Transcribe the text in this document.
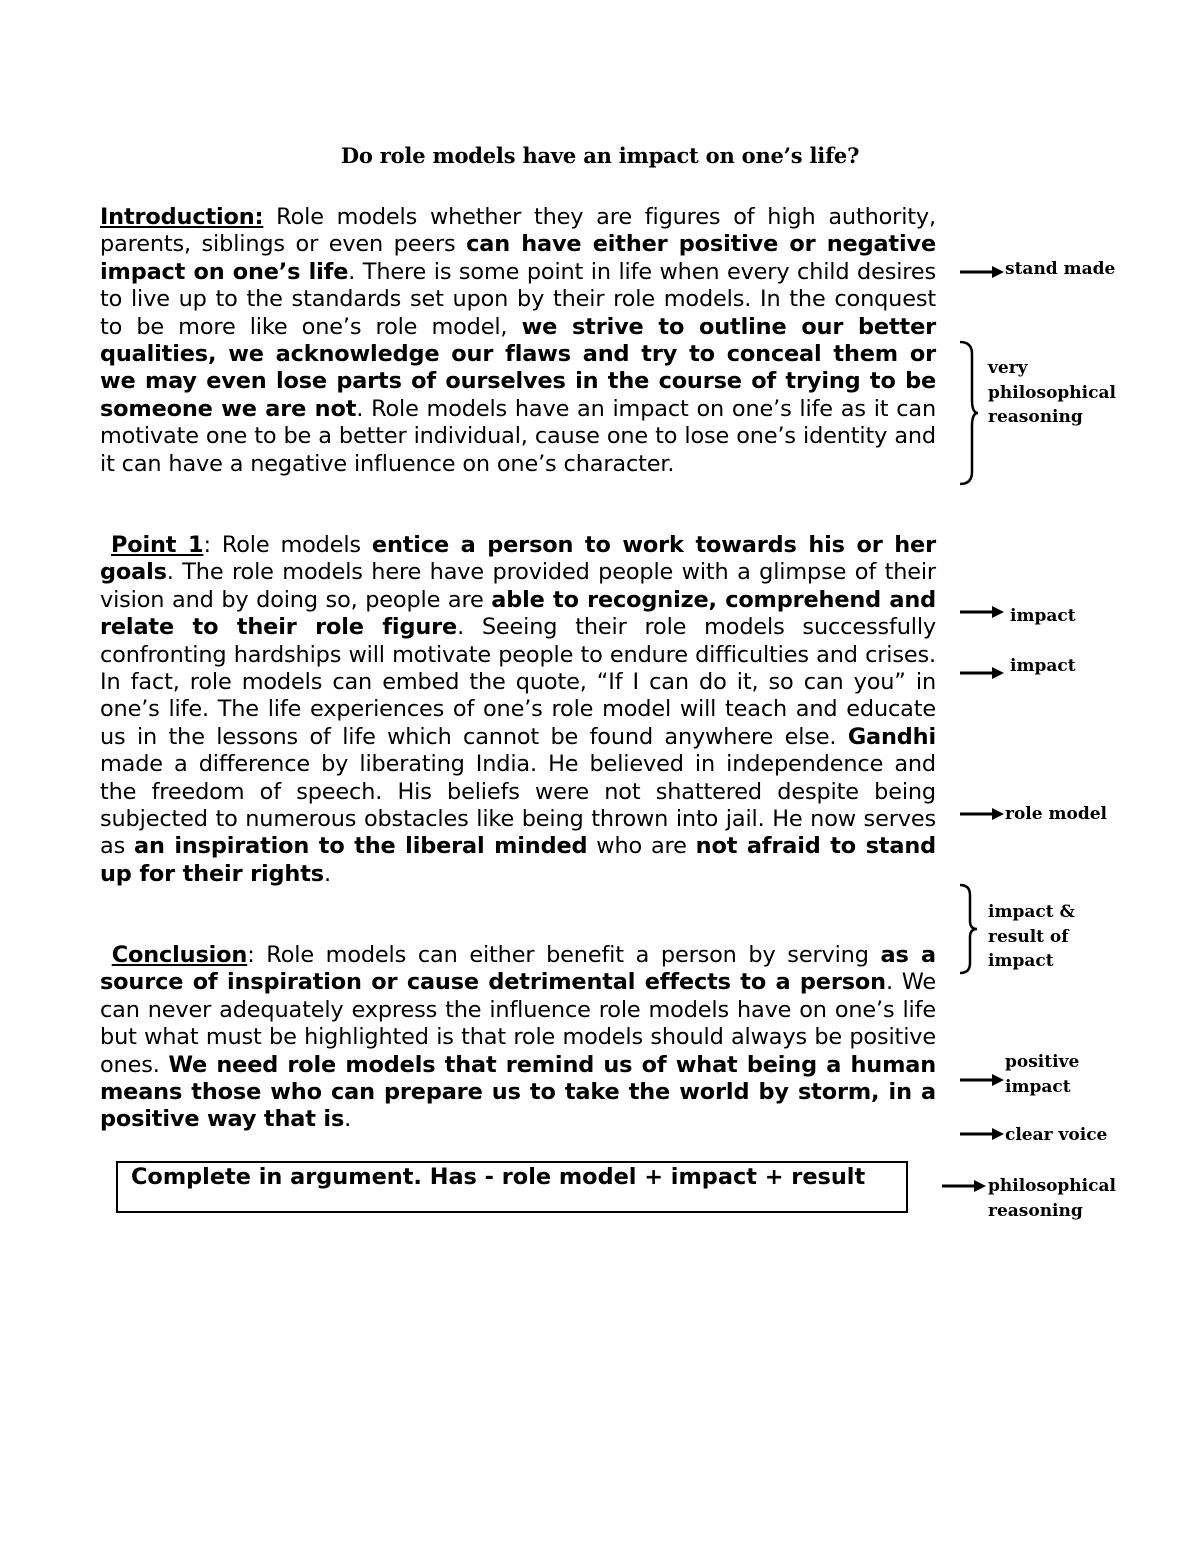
Do role models have an impact on one’s life?
Introduction: Role models whether they are figures of high authority, parents, siblings or even peers can have either positive or negative impact on one’s life. There is some point in life when every child desires to live up to the standards set upon by their role models. In the conquest to be more like one’s role model, we strive to outline our better qualities, we acknowledge our flaws and try to conceal them or we may even lose parts of ourselves in the course of trying to be someone we are not. Role models have an impact on one’s life as it can motivate one to be a better individual, cause one to lose one’s identity and it can have a negative influence on one’s character.
Point 1: Role models entice a person to work towards his or her goals. The role models here have provided people with a glimpse of their vision and by doing so, people are able to recognize, comprehend and relate to their role figure. Seeing their role models successfully confronting hardships will motivate people to endure difficulties and crises. In fact, role models can embed the quote, “If I can do it, so can you” in one’s life. The life experiences of one’s role model will teach and educate us in the lessons of life which cannot be found anywhere else. Gandhi made a difference by liberating India. He believed in independence and the freedom of speech. His beliefs were not shattered despite being subjected to numerous obstacles like being thrown into jail. He now serves as an inspiration to the liberal minded who are not afraid to stand up for their rights.
Conclusion: Role models can either benefit a person by serving as a source of inspiration or cause detrimental effects to a person. We can never adequately express the influence role models have on one’s life but what must be highlighted is that role models should always be positive ones. We need role models that remind us of what being a human means those who can prepare us to take the world by storm, in a positive way that is.
Complete in argument. Has - role model + impact + result
stand made
very
philosophical
reasoning
impact
impact
role model
impact &
result of
impact
positive
impact
clear voice
philosophical
reasoning
